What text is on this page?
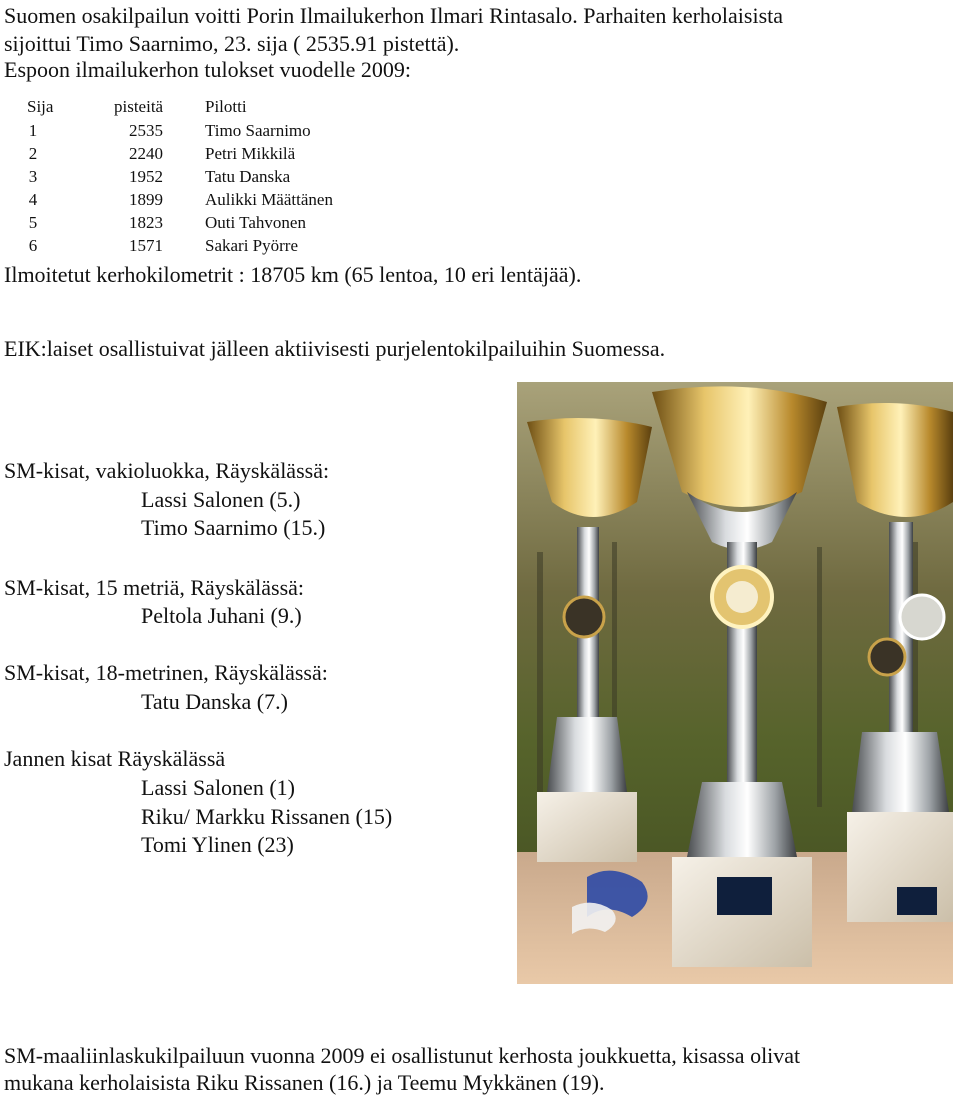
Suomen osakilpailun voitti Porin Ilmailukerhon Ilmari Rintasalo. Parhaiten kerholaisista
sijoittui Timo Saarnimo, 23. sija ( 2535.91 pistettä).
Espoon ilmailukerhon tulokset vuodelle 2009:
Sija	pisteitä Pilotti
1	2535	Timo Saarnimo
2	2240	Petri Mikkilä
3	1952	Tatu Danska
4	1899	Aulikki Määttänen
5	1823	Outi Tahvonen
6	1571	Sakari Pyörre
Ilmoitetut kerhokilometrit : 18705 km (65 lentoa, 10 eri lentäjää).
EIK:laiset osallistuivat jälleen aktiivisesti purjelentokilpailuihin Suomessa.
SM-kisat, vakioluokka, Räyskälässä:
Lassi Salonen (5.)
Timo Saarnimo (15.)
SM-kisat, 15 metriä, Räyskälässä:
Peltola Juhani (9.)
SM-kisat, 18-metrinen, Räyskälässä:
Tatu Danska (7.)
Jannen kisat Räyskälässä
Lassi Salonen (1)
Riku/ Markku Rissanen (15)
Tomi Ylinen (23)
SM-maaliinlaskukilpailuun vuonna 2009 ei osallistunut kerhosta joukkuetta, kisassa olivat
mukana kerholaisista Riku Rissanen (16.) ja Teemu Mykkänen (19).
